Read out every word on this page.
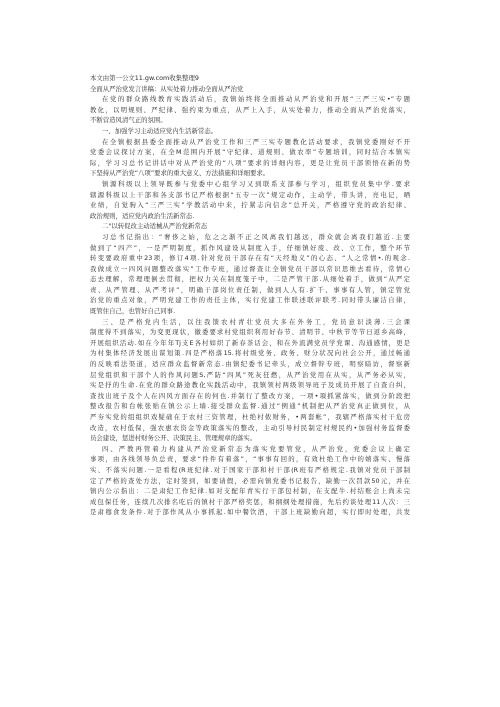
本文由第一公文11.gw.com收集整理9
全面从严治党发言讲稿：从实处着力推动全面从严治党
在党的群众路线教育实践活动后，我镇始终将全面推动从严治党和开展“三严三实•”专题
教化，以明规则、严纪律、强约束为重点，从严上入手，从实处着力，推动全面从严治党落实，
不断营造风清气正的氛围。
一、加强学习主动适应党内生活新常态。
在全镇根据县委全面推动从严治党工作和三严三实专题教化活动要求，我镇党委刚好不开
党委会议探讨方案，在全M范围内开展“守纪律、道规则、做农率”专题培训，同时结合本镇实
际，学习习总书记讲话中对从严治党的“八项”要求的详细内容，更是让党员干部领悟在新的势
下坚持从严治党“八项”要求的重大意义、方法措施和详细要求。
镇源科级以上领导既参与党委中心组学习又到联系支部参与学习，组织党员集中学.要求
辖源科级以上干部和各支部书记严格根据“五专一次”规定动作，主动学，带头讲，亮电记，晒
业绩，自觉驹入“三严三实”学教活动中来，拧紧志向信念”总开关，严格遵守党的政治纪律、
政治规则，适应党内政治生活新常态.
二"以转促改主动适械从严治党新常态
习总书记指出：“奢侈之始，危之之渐不正之风离我们越远，群众就会离我们越近.主要
做到了“四产”，一是严明制度，抓作风建设从制度入手，仔细镇好废、改、立工作，整个环节
转变要政府重中23项，修订4项.针对党员干部存在有“天经地义”的心态、“人之常情•.的观念.
我做成立一四风问题整改落实”工作专班，通过督查让全镇党员干部以常识思维去看待，常情心
态去理解，常理理倒去贯彻，把权力关在制度笼子中，二是严管干部.从细处着手，做到“从严定
责、从严管理、从严考评”，明确干部岗位责任制，做到人人有.扩千、事事有人管，镇定管党
治党的重点对象，严明党建工作的责任主体，实行党建工作联述联评联考.同时带头廉洁自律，
既管住自己，也管好自己同事.
三、是严格党内生活，以往我馈农村青壮党员大多在外务工，党员意识淡薄.三会课
制度得不到落实，为变更现状，徽委要求村党组织利用好春节、清明节、中秋节等节日返乡高峰，
开展组织活动.如在今年年Tj支E各村如织了新春茶话会，和在外流满党员学党课、沟通感情，更是
为村集体经济发展出谋划策.四是严格落15.将村级党务、政务、财分状况向社会公开，通过畅通
的反映看法渠道，适应群众监督新常态.由镇纪委书记牵头，成立督幹专班，明察暗访，督察新
层党组织和干部个人的作风问题S,严防“四风”死灰狂燃，从严治党用在从实，从严务必从实，
实是抒的生命.在党的群众路途教化实践活动中，我镇领村两级领导班子及成员开展了自查自纠，
查找出班子及个人在四风方面存在的何也.并制行了整改方案，一项•項抓紧落实，做到分阶段把
整改报告和台帐张贴在镇公示上墙.接受群众监督.通过“例通”机制把从严治党真正做到位，从
严夯实党的组组织戏疑础在于农村三资管理，杜绝村侬财务，•两套帐”，我辖严格落实村干危房
改造，农村低保，强农惠农资金等政策落实的整改，主动引导村民制定村规民约•加强村务监督委
员会建设，惩进村财务公开、决策民主、管理规章的落实。
四、严教再管着力构建从严治党新常态为落实党要管党，从严治党，党委会议上确定
事项，由各线领导负总责，要求“件件有着落”，“事事有回的，有效杜绝工作中的嬉落实、慢落
实、不落实问题.一是看程(R班纪律.对于国家干部和村干部(R班有严格规定.我镇对党员干部制
定了严格的查处方法，定时签到，如要请假，必需向镇党委书记报告，缺勤一次罚款50元，并在
镇内公示指出：二是肃纪工作纪律.如对支配年青实行干部包村制，在支配牛.村结账会上尚未完
成包保任务，连续几次排名吃后的镇村干部严格奖惩，和纲纲处理措施，先后约谈处理11人次：三
是肃穆食发条件.对于部作风从小事抓起.如中餐饮酒，干部上班缺勤向超，实行即时处理，共发
